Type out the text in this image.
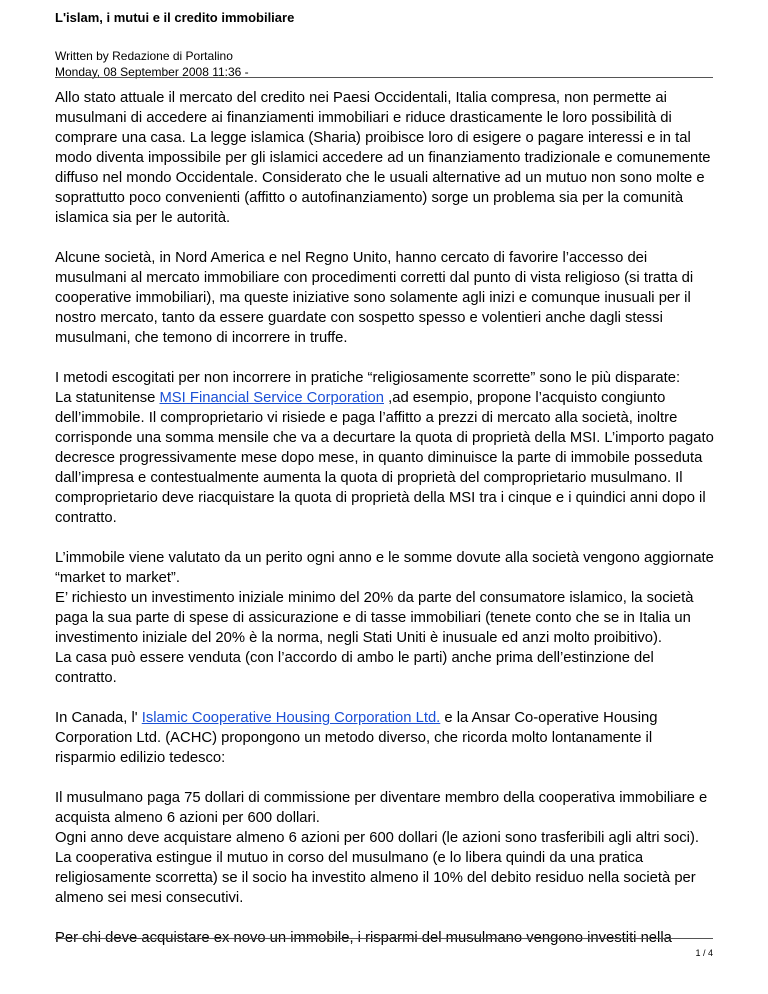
L'islam, i mutui e il credito immobiliare
Written by Redazione di Portalino
Monday, 08 September 2008 11:36 -

Allo stato attuale il mercato del credito nei Paesi Occidentali, Italia compresa, non permette ai musulmani di accedere ai finanziamenti immobiliari e riduce drasticamente le loro possibilità di comprare una casa. La legge islamica (Sharia) proibisce loro di esigere o pagare interessi e in tal modo diventa impossibile per gli islamici accedere ad un finanziamento tradizionale e comunemente diffuso nel mondo Occidentale. Considerato che le usuali alternative ad un mutuo non sono molte e soprattutto poco convenienti (affitto o autofinanziamento) sorge un problema sia per la comunità islamica sia per le autorità.

Alcune società, in Nord America e nel Regno Unito, hanno cercato di favorire l’accesso dei musulmani al mercato immobiliare con procedimenti corretti dal punto di vista religioso (si tratta di cooperative immobiliari), ma queste iniziative sono solamente agli inizi e comunque inusuali per il nostro mercato, tanto da essere guardate con sospetto spesso e volentieri anche dagli stessi musulmani, che temono di incorrere in truffe.

I metodi escogitati per non incorrere in pratiche “religiosamente scorrette” sono le più disparate:

La statunitense MSI Financial Service Corporation ,ad esempio, propone l’acquisto congiunto dell’immobile. Il comproprietario vi risiede e paga l’affitto a prezzi di mercato alla società, inoltre corrisponde una somma mensile che va a decurtare la quota di proprietà della MSI. L’importo pagato decresce progressivamente mese dopo mese, in quanto diminuisce la parte di immobile posseduta dall’impresa e contestualmente aumenta la quota di proprietà del comproprietario musulmano. Il comproprietario deve riacquistare la quota di proprietà della MSI tra i cinque e i quindici anni dopo il contratto.

L’immobile viene valutato da un perito ogni anno e le somme dovute alla società vengono aggiornate “market to market”.

E’ richiesto un investimento iniziale minimo del 20% da parte del consumatore islamico, la società paga la sua parte di spese di assicurazione e di tasse immobiliari (tenete conto che se in Italia un investimento iniziale del 20% è la norma, negli Stati Uniti è inusuale ed anzi molto proibitivo).

La casa può essere venduta (con l’accordo di ambo le parti) anche prima dell’estinzione del contratto.

In Canada, l' Islamic Cooperative Housing Corporation Ltd. e la Ansar Co-operative Housing Corporation Ltd. (ACHC) propongono un metodo diverso, che ricorda molto lontanamente il risparmio edilizio tedesco:

Il musulmano paga 75 dollari di commissione per diventare membro della cooperativa immobiliare e acquista almeno 6 azioni per 600 dollari.

Ogni anno deve acquistare almeno 6 azioni per 600 dollari (le azioni sono trasferibili agli altri soci).

La cooperativa estingue il mutuo in corso del musulmano (e lo libera quindi da una pratica religiosamente scorretta) se il socio ha investito almeno il 10% del debito residuo nella società per almeno sei mesi consecutivi.

Per chi deve acquistare ex novo un immobile, i risparmi del musulmano vengono investiti nella

1 / 4
